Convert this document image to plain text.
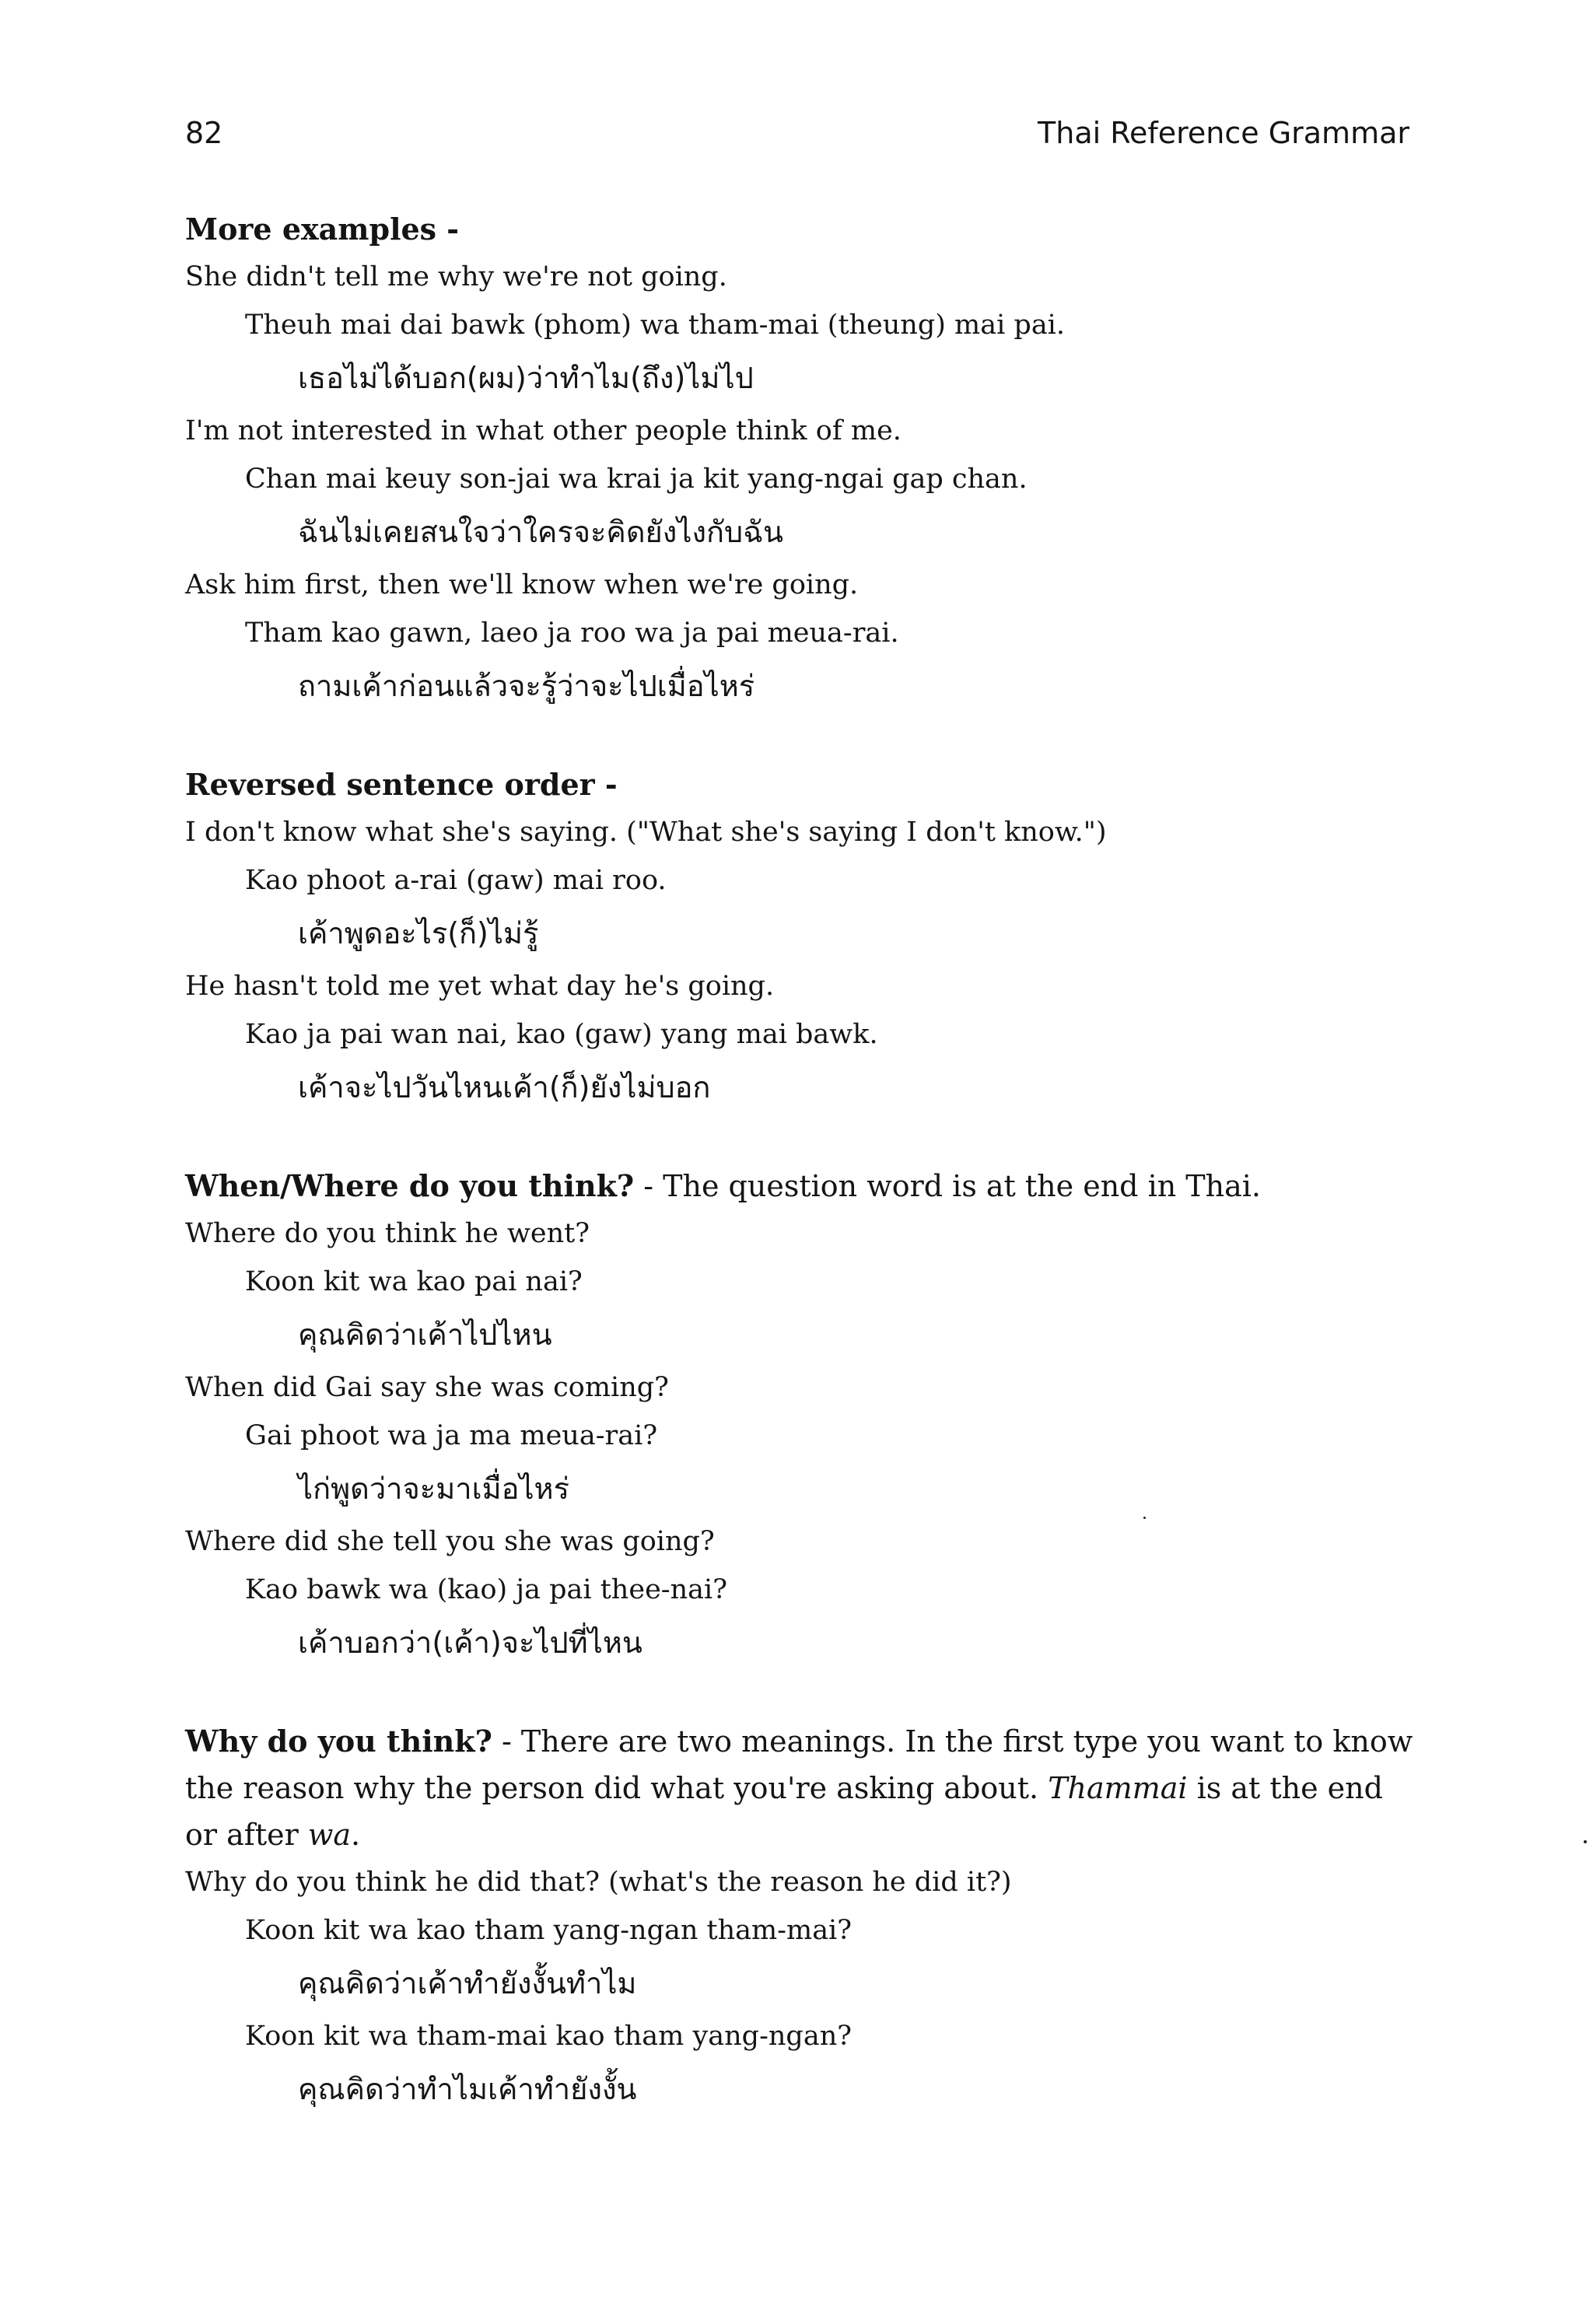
82	Thai Reference Grammar

More examples -

She didn't tell me why we're not going.
Theuh mai dai bawk (phom) wa tham-mai (theung) mai pai.
เธอไม่ได้บอก(ผม)ว่าทำไม(ถึง)ไม่ไป
I'm not interested in what other people think of me.
Chan mai keuy son-jai wa krai ja kit yang-ngai gap chan.
ฉันไม่เคยสนใจว่าใครจะคิดยังไงกับฉัน
Ask him first, then we'll know when we're going.
Tham kao gawn, laeo ja roo wa ja pai meua-rai.
ถามเค้าก่อนแล้วจะรู้ว่าจะไปเมื่อไหร่

Reversed sentence order -

I don't know what she's saying. ("What she's saying I don't know.")
Kao phoot a-rai (gaw) mai roo.
เค้าพูดอะไร(ก็)ไม่รู้
He hasn't told me yet what day he's going.
Kao ja pai wan nai, kao (gaw) yang mai bawk.
เค้าจะไปวันไหนเค้า(ก็)ยังไม่บอก

When/Where do you think? - The question word is at the end in Thai.

Where do you think he went?
Koon kit wa kao pai nai?
คุณคิดว่าเค้าไปไหน
When did Gai say she was coming?
Gai phoot wa ja ma meua-rai?
ไก่พูดว่าจะมาเมื่อไหร่
Where did she tell you she was going?
Kao bawk wa (kao) ja pai thee-nai?
เค้าบอกว่า(เค้า)จะไปที่ไหน

Why do you think? - There are two meanings. In the first type you want to know the reason why the person did what you're asking about. Thammai is at the end or after wa.

Why do you think he did that? (what's the reason he did it?)
Koon kit wa kao tham yang-ngan tham-mai?
คุณคิดว่าเค้าทำยังงั้นทำไม
Koon kit wa tham-mai kao tham yang-ngan?
คุณคิดว่าทำไมเค้าทำยังงั้น
